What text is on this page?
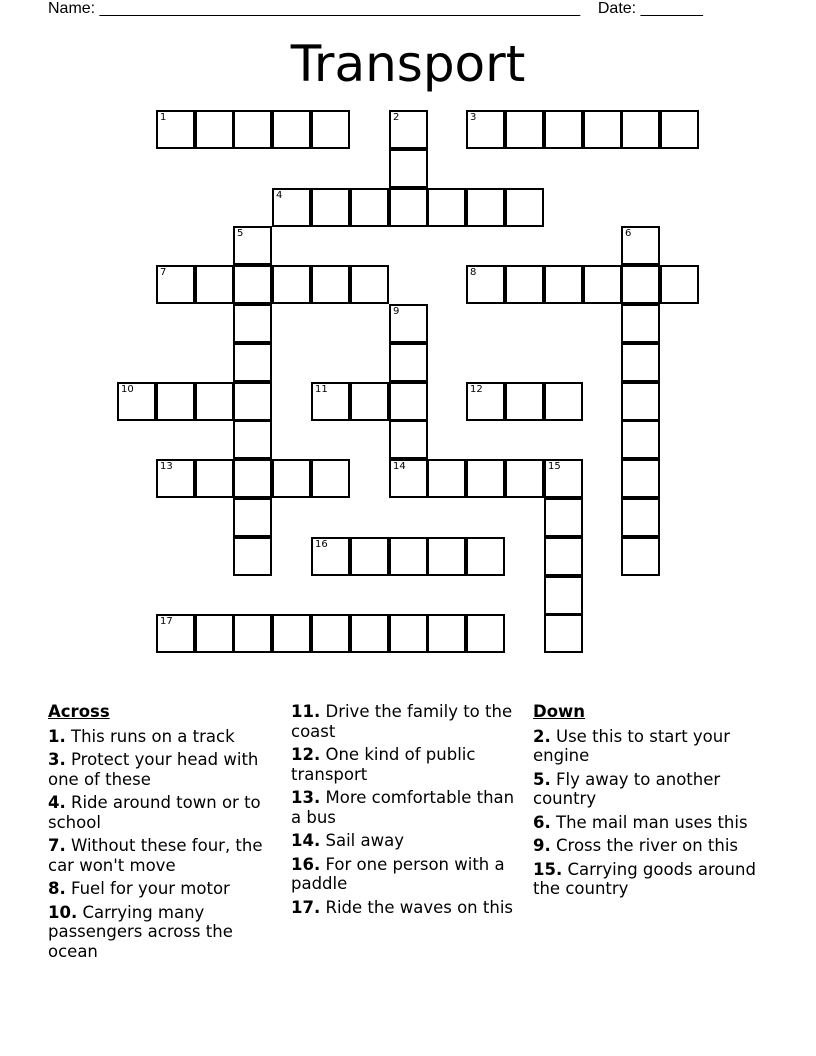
Name: ______________________________________________________ Date: _______
Transport
1	3
4
7	8
10	11	12
13	14	15
16
17
2
5	6
9
Across
1. This runs on a track
3. Protect your head with one of these
4. Ride around town or to school
7. Without these four, the car won't move
8. Fuel for your motor
10. Carrying many passengers across the ocean
11. Drive the family to the coast
12. One kind of public transport
13. More comfortable than a bus
14. Sail away
16. For one person with a paddle
17. Ride the waves on this
Down
2. Use this to start your engine
5. Fly away to another country
6. The mail man uses this
9. Cross the river on this
15. Carrying goods around the country
